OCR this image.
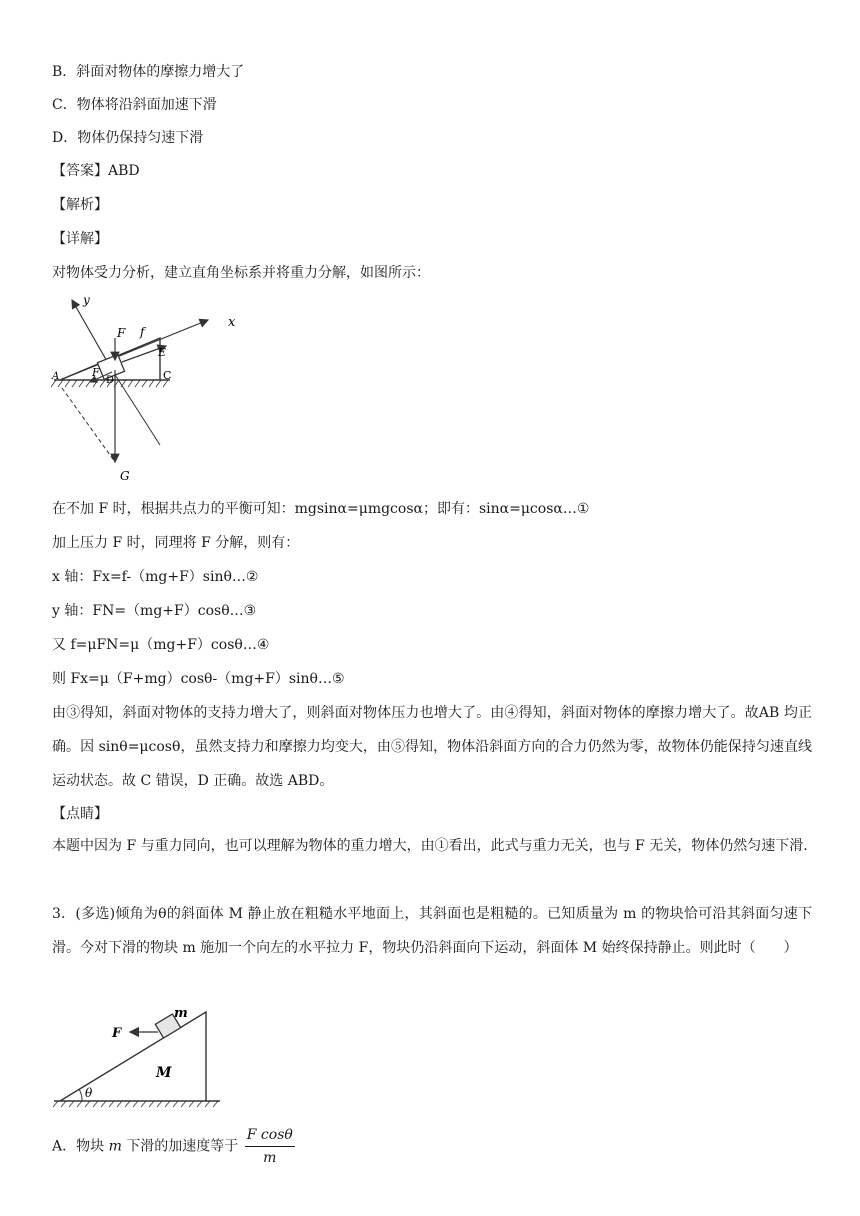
B．斜面对物体的摩擦力增大了
C．物体将沿斜面加速下滑
D．物体仍保持匀速下滑
【答案】ABD
【解析】
【详解】
对物体受力分析，建立直角坐标系并将重力分解，如图所示：
y
x
F f
E
D
A	F	C
G
在不加 F 时，根据共点力的平衡可知：mgsinα=μmgcosα；即有：sinα=μcosα…①
加上压力 F 时，同理将 F 分解，则有：
x 轴：Fx=f-（mg+F）sinθ…②
y 轴：FN=（mg+F）cosθ…③
又 f=μFN=μ（mg+F）cosθ…④
则 Fx=μ（F+mg）cosθ-（mg+F）sinθ…⑤
由③得知，斜面对物体的支持力增大了，则斜面对物体压力也增大了。由④得知，斜面对物体的摩擦力增大了。故AB 均正确。因 sinθ=μcosθ，虽然支持力和摩擦力均变大，由⑤得知，物体沿斜面方向的合力仍然为零，故物体仍能保持匀速直线运动状态。故 C 错误，D 正确。故选 ABD。
【点睛】
本题中因为 F 与重力同向，也可以理解为物体的重力增大，由①看出，此式与重力无关，也与 F 无关，物体仍然匀速下滑.
3．(多选)倾角为θ的斜面体 M 静止放在粗糙水平地面上，其斜面也是粗糙的。已知质量为 m 的物块恰可沿其斜面匀速下滑。今对下滑的物块 m 施加一个向左的水平拉力 F，物块仍沿斜面向下运动，斜面体 M 始终保持静止。则此时（　　）
m
F
M
θ
A．物块 m 下滑的加速度等于 $\frac{\text{F cosθ}}{m}$
